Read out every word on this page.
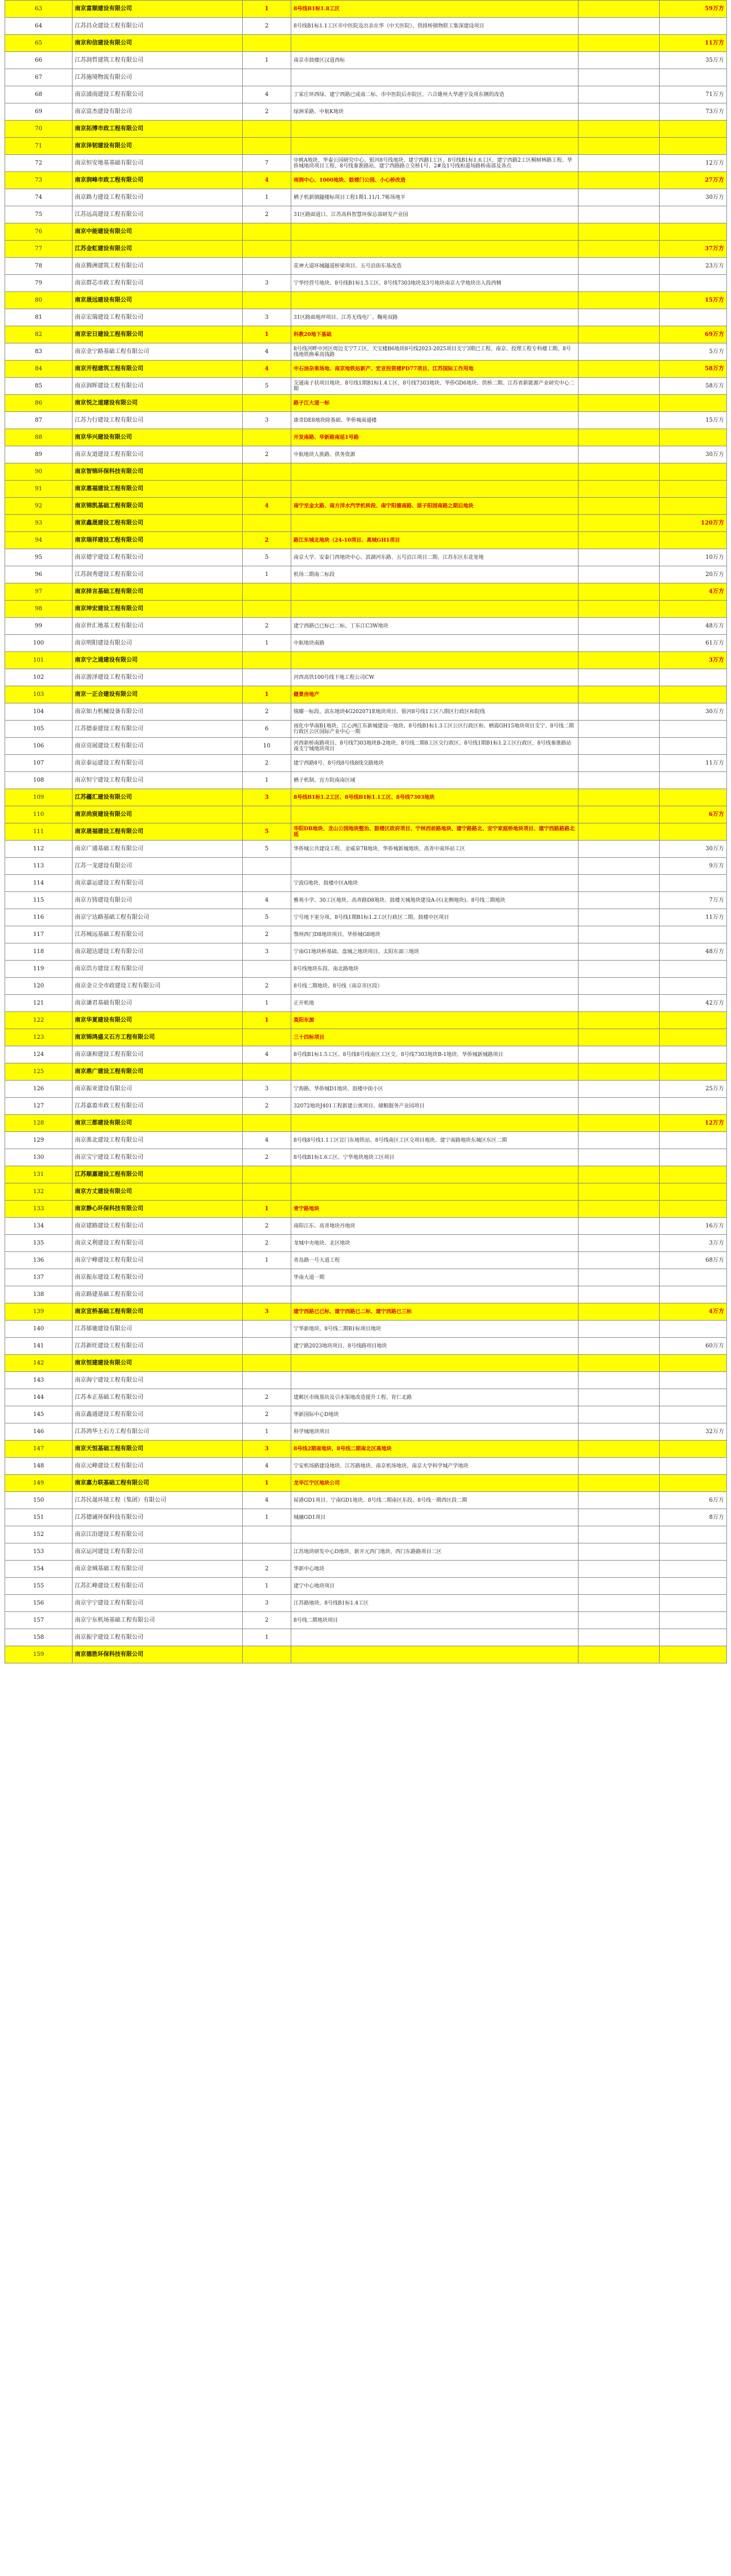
63	南京富顺建设有限公司	1	8号线B1标1.8工区		59万方
64	江苏昌众建设工程有限公司	2	8号线B1标1.1工区市中医院及出亲在华（中天医院）、供排桥镇物联工集深建设项目		
65	南京和信建设有限公司				11万方
66	江苏润哲建筑工程有限公司	1	南京市鼓楼区汉道西标		35万方
67	江苏施境物流有限公司				
68	南京浦南建设工程有限公司	4	丁家庄环西绿、建宁西路已成南二标、市中医院后亦院区、六合雄州大华港宇及项东侧的改造		71万方
69	南京富杰建设有限公司	2	绿洲采路、中航K地块		73万方
70	南京拓博市政工程有限公司				
71	南京泽韧建设有限公司				
72	南京恒安地基基础有限公司	7	中桃A地块、华泰公园研究中心、银河8号线地块、建宁西路1工区、8号线B1标1.6工区、建宁西路2工区桐树林路工程、华侨城地块项目工程、8号线秦淮路站、建宁西路路立交桥1号、2#及1号线和道场路桥南部及各点		12万方
73	南京润峰市政工程有限公司	4	雨润中心、1000地块、鼓楼门公园、小心桥改造		27万方
74	南京路力建设工程有限公司	1	栖子机新镇隧楼标项目工程1期1.11/1.7栋场地平		30万方
75	江苏远高建设工程有限公司	2	31区路面道口、江苏高科智慧环保总部研发产业园		
76	南京中能建设有限公司				
77	江苏金虹建设有限公司				37万方
78	南京腾洲建筑工程有限公司		花神大道环城隧道桥梁项目、五号沿街东基改造		23万方
79	南京群芯市政工程有限公司	3	宁华经营号地块、8号线B1标1.5工区、8号线7303地块及3号地块南京大学地块出入段西侧		
80	南京晟远建设有限公司				15万方
81	南京宏瑞建设工程有限公司	3	31区路面地坪项目、江苏无线电厂、鞠苑双路		
82	南京宏日建设工程有限公司	1	科教20地下基础		69万方
83	南京金宁路基础工程有限公司	4	8号线河畔中河区周边支宁7工区、天宝楼B6地块8号线2023-2025项目支宁3期已工程、南京、投理工程专科楼工期、8号线地铁换乘高钱路		5万方
84	南京开程建筑工程有限公司	4	中石油杂果场地、南京地铁站新产、宏亚投资楼PD77项目、江苏国际工作用地		58万方
85	南京润晖建设工程有限公司	5	交通南子状项目地块、8号线1期B1标1.4工区、8号线7303地块、华侨GD6地块、供桥二期、江苏省新能源产业研究中心二期		58万方
86	南京悦之道建设有限公司		路子江大道一标		
87	江苏力行建设工程有限公司	3	康奇DE8地块除基础、华侨城南通楼		15万方
88	南京华兴建设有限公司		开发南路、华新路南延1号路		
89	南京友道建设工程有限公司	2	中航地块人族路、供务资源		30万方
90	南京智锦环保科技有限公司				
91	南京惠福建设工程有限公司				
92	南京锦凯基础工程有限公司	4	南宁至金太路、南方洋水汽学机转段、南宁阳德南路、原子阳园南路之期后地块		
93	南京鑫晟建设工程有限公司				120万方
94	南京瑞祥建设工程有限公司	2	路江东城北地块（24-10项目、高城GH1项目		
95	南京德宇建设工程有限公司	5	南京大学、安泰门西地块中心、滨湖河东路、五号沿江项目二期、江苏东区东花宽地		10万方
96	江苏润秀建设工程有限公司	1	机场二期南二标段		20万方
97	南京择言基础工程有限公司				4万方
98	南京坤宏建设工程有限公司				
99	南京世汇地基工程有限公司	2	建宁西路已已标已二标、丁东江C3W地块		48万方
100	南京明阳建设有限公司	1	中航地块南路		61万方
101	南京宁之通建设有限公司				3万方
102	南京游泽建设工程有限公司		河西高铁100号线下地工程公司CW		
103	南京一正合建设有限公司	1	健景房地产		
104	南京如力机械设备有限公司	2	锦耀一标段、滨东地块4G202071E地块项目、银河8号线1工区八期区行政区和院线		30万方
105	江苏德泰建设工程有限公司	6	雨化中华南B1地块、江心洲江东新城建设一地块、8号线B1标1.3工区公区行政区和、栖霞GH15地块项目支宁、8号线二期行政区公区国际产业中心一期		
106	南京亮展建设工程有限公司	10	河西新桥南路项目、8号线7303地块B-2地块、8号线二期8工区交行政区、8号线1期B1标1.2工区行政区、8号线秦淮路站南支宁城地块项目		
107	南京泰运建设工程有限公司	2	建宁西路8号、8号线8号线8线交路地块		11万方
108	南京恒宁建设工程有限公司	1	栖子机制、宜方院南南区域		
109	江苏疆汇建设有限公司	3	8号线B1标1.2工区、8号线B1标1.1工区、8号线7303地块		
110	南京尚宸建设有限公司				6万方
111	南京晟福建设工程有限公司	5	华阳DB地块、龙山公园地块整治、鼓楼区政府项目、宁林西前路地块、建宁路路北、安宁家庭桥地块项目、建宁西路路路北延		
112	南京广通基础工程有限公司	5	华侨城公共建设工程、金威泉7B地块、华侨城新城地块、高青中南环站工区		30万方
113	江苏一龙建设有限公司				9万方
114	南京嘉运建设工程有限公司		宁波G地块、鼓楼中区A地块		
115	南京方铸建设有限公司	4	雅苑小学、30工区地块、高青路D8地块、鼓楼天城地块建设A-区(北侧地块)、8号线二期地块		7万方
116	南京宁达路基础工程有限公司	5	宁号地下室分项、8号线1期B1标1.2工区行政区二期、鼓楼中区项目		11万方
117	江苏城远基础工程有限公司	2	鄂州西门D8地块项目、华侨城G8地块		
118	南京超达建设工程有限公司	3	宁南G1地块桥基础、盘城之地块项目、太阳东面三地块		48万方
119	南京浩方建设工程有限公司		8号线地块东段、南北路地块		
120	南京金立全市政建设工程有限公司	2	8号线二期地块、8号线（南京市区段）		
121	南京谦君基础有限公司	1	正开机地		42万方
122	南京华夏建设有限公司	1	莫阳东源		
123	南京锦鸿盛义石方工程有限公司		三十四标项目		
124	南京康和建设工程有限公司	4	8号线B1标1.5工区、8号线8号线南区工区交、8号线7303地块B-1地块、华侨城新城路项目		
125	南京鼎广建设工程有限公司				
126	南京振亚建设有限公司	3	宁海路、华侨城D1地块、鼓楼中街小区		25万方
127	江苏嘉盈市政工程有限公司	2	32072地块J401工程新建公寓项目、储粮服务产业园项目		
128	南京三都建设有限公司				12万方
129	南京淮北建设工程有限公司	4	8号线8号线1.1工区宣门东地铁站、8号线南区工区交项目地块、建宁南路地块东城区东区二期		
130	南京宝宁建设工程有限公司	2	8号线B1标1.6工区、宁华地块地块工区项目		
131	江苏顺嘉建设工程有限公司				
132	南京方丈建设有限公司				
133	南京静心环保科技有限公司	1	青宁路地块		
134	南京建路建设工程有限公司	2	南阳江东、高青地块丹地块		16万方
135	南京义利建设工程有限公司	2	龙城中央地块、北区地块		3万方
136	南京宁峰建设工程有限公司	1	青岛路一号大道工程		68万方
137	南京振东建设工程有限公司		华南大道一期		
138	南京路建基础工程有限公司				
139	南京宣桥基础工程有限公司	3	建宁西路已已标、建宁西路已二标、建宁西路已三标		4万方
140	江苏郁驰建设有限公司		宁华新地块、8号线二期B1标项目地块		
141	江苏新旺建设工程有限公司		建宁路2023地块项目、8号线路项目地块		60万方
142	南京恒建建设有限公司				
143	南京海宁建设工程有限公司				
144	江苏本正基础工程有限公司	2	建邺区市级基坑及引水渠地改造提升工程、育仁北路		
145	南京鑫通建设工程有限公司	2	华新国际中心D地块		
146	江苏鸿华土石方工程有限公司	1	科学城地块项目		32万方
147	南京天恒基础工程有限公司	3	8号线2期南地块、8号线二期南北区高地块		
148	南京元峰建设工程有限公司	4	宁安机场路建设地块、江苏路地块、南京机场地块、南京大学科学城产学地块		
149	南京嘉力联基础工程有限公司	1	龙华江宁区地块公司		
150	江苏民晟环境工程（集团）有限公司	4	屋港GD1项目、宁南GD1地块、8号线二期南区东段、8号线一期西区段二期		6万方
151	江苏德诚环保科技有限公司	1	城融GD1项目		8万方
152	南京江沿建设工程有限公司				
153	南京运河建设工程有限公司		江苏地块研发中心D地块、新开元西门地块、西门东路路项目二区		
154	南京金城基础工程有限公司	2	华新中心地块		
155	江苏汇峰建设工程有限公司	1	建宁中心地块项目		
156	南京宇宁建设工程有限公司	3	江苏路地块、8号线B1标1.4工区		
157	南京宁东机场基础工程有限公司	2	8号线二期地块项目		
158	南京振宇建设工程有限公司	1			
159	南京德胜环保科技有限公司				
